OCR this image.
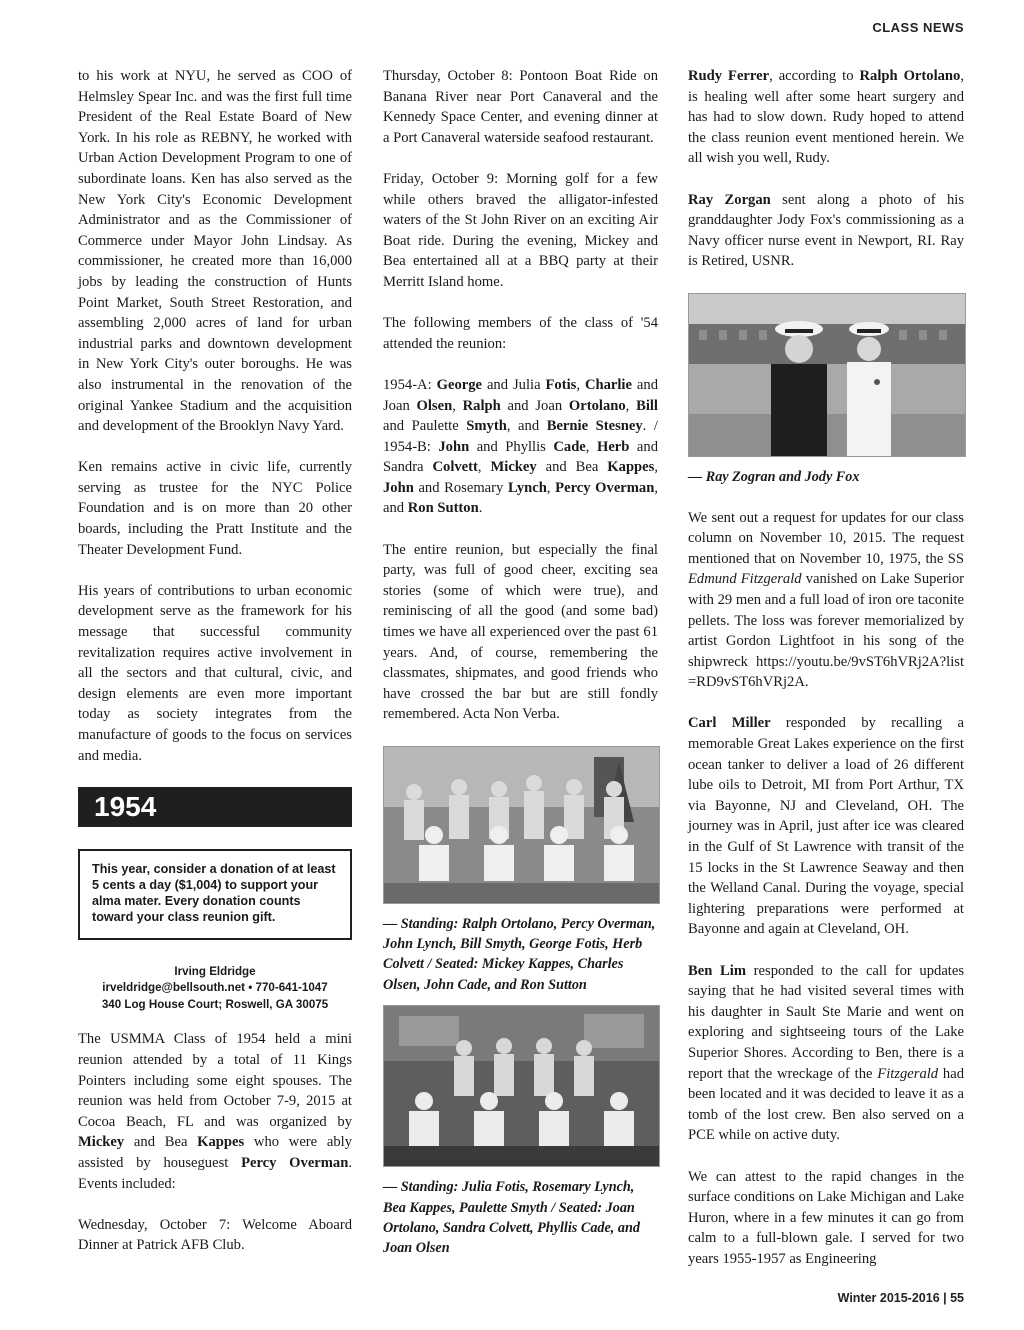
CLASS NEWS

to his work at NYU, he served as COO of Helmsley Spear Inc. and was the first full time President of the Real Estate Board of New York. In his role as REBNY, he worked with Urban Action Development Program to one of subordinate loans. Ken has also served as the New York City's Economic Development Administrator and as the Commissioner of Commerce under Mayor John Lindsay. As commissioner, he created more than 16,000 jobs by leading the construction of Hunts Point Market, South Street Restoration, and assembling 2,000 acres of land for urban industrial parks and downtown development in New York City's outer boroughs. He was also instrumental in the renovation of the original Yankee Stadium and the acquisition and development of the Brooklyn Navy Yard.

Ken remains active in civic life, currently serving as trustee for the NYC Police Foundation and is on more than 20 other boards, including the Pratt Institute and the Theater Development Fund.

His years of contributions to urban economic development serve as the framework for his message that successful community revitalization requires active involvement in all the sectors and that cultural, civic, and design elements are even more important today as society integrates from the manufacture of goods to the focus on services and media.

1954
This year, consider a donation of at least 5 cents a day ($1,004) to support your alma mater. Every donation counts toward your class reunion gift.
Irving Eldridge
irveldridge@bellsouth.net • 770-641-1047
340 Log House Court; Roswell, GA 30075

The USMMA Class of 1954 held a mini reunion attended by a total of 11 Kings Pointers including some eight spouses. The reunion was held from October 7-9, 2015 at Cocoa Beach, FL and was organized by Mickey and Bea Kappes who were ably assisted by houseguest Percy Overman. Events included:

Wednesday, October 7: Welcome Aboard Dinner at Patrick AFB Club.

Thursday, October 8: Pontoon Boat Ride on Banana River near Port Canaveral and the Kennedy Space Center, and evening dinner at a Port Canaveral waterside seafood restaurant.

Friday, October 9: Morning golf for a few while others braved the alligator-infested waters of the St John River on an exciting Air Boat ride. During the evening, Mickey and Bea entertained all at a BBQ party at their Merritt Island home.

The following members of the class of '54 attended the reunion:

1954-A: George and Julia Fotis, Charlie and Joan Olsen, Ralph and Joan Ortolano, Bill and Paulette Smyth, and Bernie Stesney. / 1954-B: John and Phyllis Cade, Herb and Sandra Colvett, Mickey and Bea Kappes, John and Rosemary Lynch, Percy Overman, and Ron Sutton.

The entire reunion, but especially the final party, was full of good cheer, exciting sea stories (some of which were true), and reminiscing of all the good (and some bad) times we have all experienced over the past 61 years. And, of course, remembering the classmates, shipmates, and good friends who have crossed the bar but are still fondly remembered. Acta Non Verba.

— Standing: Ralph Ortolano, Percy Overman, John Lynch, Bill Smyth, George Fotis, Herb Colvett / Seated: Mickey Kappes, Charles Olsen, John Cade, and Ron Sutton
— Standing: Julia Fotis, Rosemary Lynch, Bea Kappes, Paulette Smyth / Seated: Joan Ortolano, Sandra Colvett, Phyllis Cade, and Joan Olsen

Rudy Ferrer, according to Ralph Ortolano, is healing well after some heart surgery and has had to slow down. Rudy hoped to attend the class reunion event mentioned herein. We all wish you well, Rudy.

Ray Zorgan sent along a photo of his granddaughter Jody Fox's commissioning as a Navy officer nurse event in Newport, RI. Ray is Retired, USNR.

— Ray Zogran and Jody Fox

We sent out a request for updates for our class column on November 10, 2015. The request mentioned that on November 10, 1975, the SS Edmund Fitzgerald vanished on Lake Superior with 29 men and a full load of iron ore taconite pellets. The loss was forever memorialized by artist Gordon Lightfoot in his song of the shipwreck https://youtu.be/9vST6hVRj2A?list=RD9vST6hVRj2A.

Carl Miller responded by recalling a memorable Great Lakes experience on the first ocean tanker to deliver a load of 26 different lube oils to Detroit, MI from Port Arthur, TX via Bayonne, NJ and Cleveland, OH. The journey was in April, just after ice was cleared in the Gulf of St Lawrence with transit of the 15 locks in the St Lawrence Seaway and then the Welland Canal. During the voyage, special lightering preparations were performed at Bayonne and again at Cleveland, OH.

Ben Lim responded to the call for updates saying that he had visited several times with his daughter in Sault Ste Marie and went on exploring and sightseeing tours of the Lake Superior Shores. According to Ben, there is a report that the wreckage of the Fitzgerald had been located and it was decided to leave it as a tomb of the lost crew. Ben also served on a PCE while on active duty.

We can attest to the rapid changes in the surface conditions on Lake Michigan and Lake Huron, where in a few minutes it can go from calm to a full-blown gale. I served for two years 1955-1957 as Engineering

Winter 2015-2016 | 55
